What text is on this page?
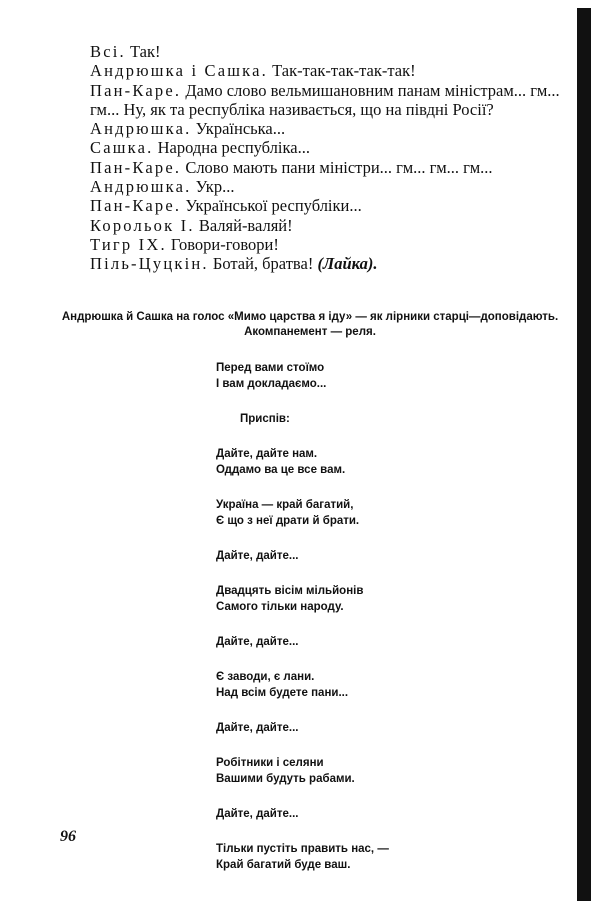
Всі. Так!
Андрюшка і Сашка. Так-так-так-так-так!
Пан-Каре. Дамо слово вельмишановним панам міністрам... гм... гм... Ну, як та республіка називається, що на півдні Росії?
Андрюшка. Українська...
Сашка. Народна республіка...
Пан-Каре. Слово мають пани міністри... гм... гм... гм...
Андрюшка. Укр...
Пан-Каре. Української республіки...
Корольок І. Валяй-валяй!
Тигр IX. Говори-говори!
Піль-Цуцкін. Ботай, братва! (Лайка).
Андрюшка й Сашка на голос «Мимо царства я іду» — як лірники старці—доповідають. Акомпанемент — реля.
Перед вами стоїмо
І вам докладаємо...
Приспів:
Дайте, дайте нам.
Оддамо ва це все вам.
Україна — край багатий,
Є що з неї драти й брати.
Дайте, дайте...
Двадцять вісім мільйонів
Самого тільки народу.
Дайте, дайте...
Є заводи, є лани.
Над всім будете пани...
Дайте, дайте...
Робітники і селяни
Вашими будуть рабами.
Дайте, дайте...
Тільки пустіть править нас, —
Край багатий буде ваш.
96
